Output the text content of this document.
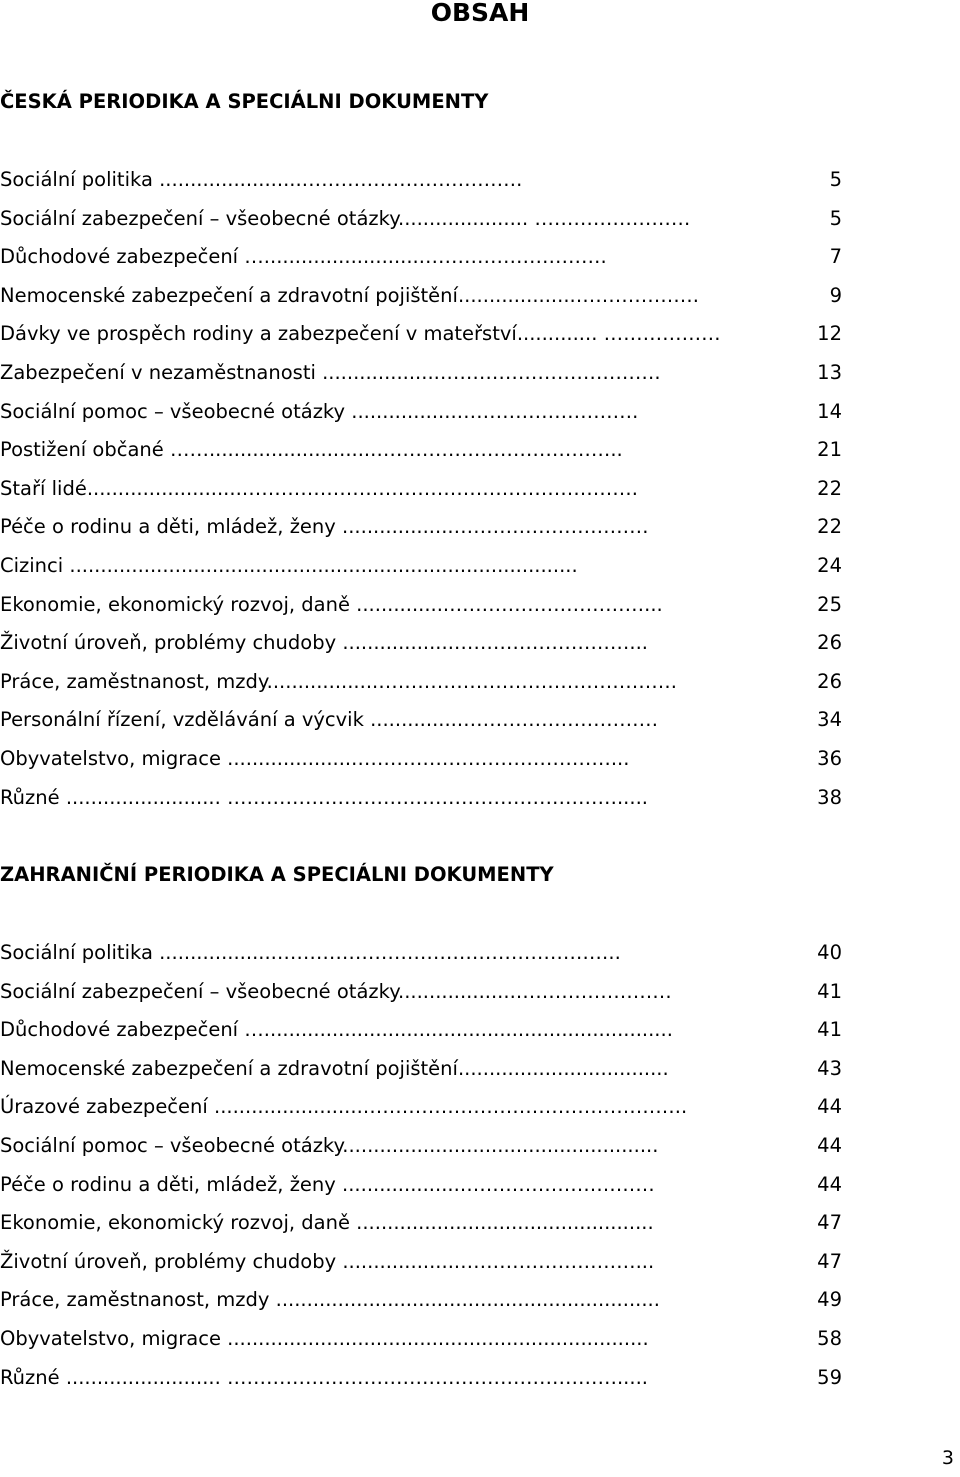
OBSAH
ČESKÁ PERIODIKA A SPECIÁLNI DOKUMENTY
Sociální politika .......................…………………………….	5
Sociální zabezpečení – všeobecné otázky..................... ……………………	5
Důchodové zabezpečení …..........................……………………….	7
Nemocenské zabezpečení a zdravotní pojištění...................……………….	9
Dávky ve prospěch rodiny a zabezpečení v mateřství............. ………………	12
Zabezpečení v nezaměstnanosti ...................…………………………….	13
Sociální pomoc – všeobecné otázky .................……………………….	14
Postižení občané ……...........................………………………………..	21
Staří lidé.........................…………………………………………………….	22
Péče o rodinu a děti, mládež, ženy ..................…………………………	22
Cizinci ..................................................................................	24
Ekonomie, ekonomický rozvoj, daně ...............…………………………...	25
Životní úroveň, problémy chudoby ..................………………………...	26
Práce, zaměstnanost, mzdy..................……………………………………….	26
Personální řízení, vzdělávání a výcvik ...............…………………………	34
Obyvatelstvo, migrace .....................…………………………………...	36
Různé ......................... …………………………………………………….....	38
ZAHRANIČNÍ PERIODIKA A SPECIÁLNI DOKUMENTY
Sociální politika ...................……………………………………………..	40
Sociální zabezpečení – všeobecné otázky...................……………………	41
Důchodové zabezpečení …..................................................................	41
Nemocenské zabezpečení a zdravotní pojištění..................................	43
Úrazové zabezpečení ........................…………………………………………..	44
Sociální pomoc – všeobecné otázky...................................................	44
Péče o rodinu a děti, mládež, ženy ...................…………………………	44
Ekonomie, ekonomický rozvoj, daně ................................................	47
Životní úroveň, problémy chudoby ...................………………………...	47
Práce, zaměstnanost, mzdy ..............................................................	49
Obyvatelstvo, migrace ....................................................................	58
Různé ......................... …………………………………………………….....	59
3
